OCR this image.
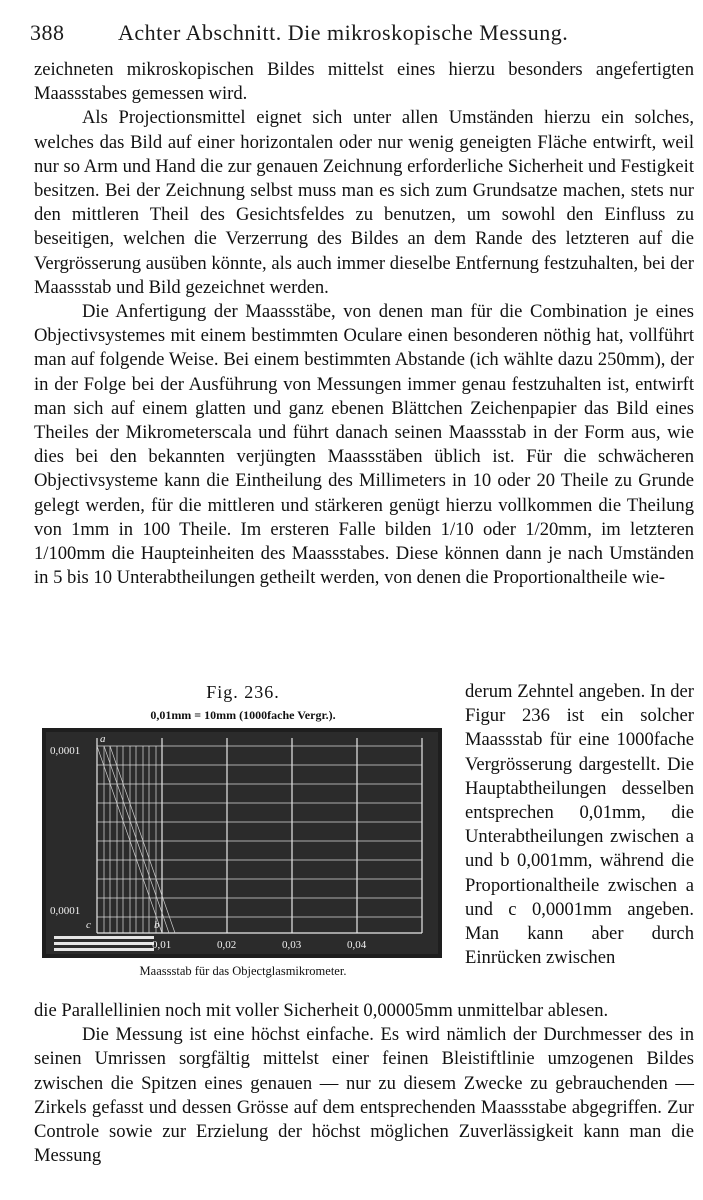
388 Achter Abschnitt. Die mikroskopische Messung.

zeichneten mikroskopischen Bildes mittelst eines hierzu besonders angefertigten Maassstabes gemessen wird.

Als Projectionsmittel eignet sich unter allen Umständen hierzu ein solches, welches das Bild auf einer horizontalen oder nur wenig geneigten Fläche entwirft, weil nur so Arm und Hand die zur genauen Zeichnung erforderliche Sicherheit und Festigkeit besitzen. Bei der Zeichnung selbst muss man es sich zum Grundsatze machen, stets nur den mittleren Theil des Gesichtsfeldes zu benutzen, um sowohl den Einfluss zu beseitigen, welchen die Verzerrung des Bildes an dem Rande des letzteren auf die Vergrösserung ausüben könnte, als auch immer dieselbe Entfernung festzuhalten, bei der Maassstab und Bild gezeichnet werden.

Die Anfertigung der Maassstäbe, von denen man für die Combination je eines Objectivsystemes mit einem bestimmten Oculare einen besonderen nöthig hat, vollführt man auf folgende Weise. Bei einem bestimmten Abstande (ich wählte dazu 250mm), der in der Folge bei der Ausführung von Messungen immer genau festzuhalten ist, entwirft man sich auf einem glatten und ganz ebenen Blättchen Zeichenpapier das Bild eines Theiles der Mikrometerscala und führt danach seinen Maassstab in der Form aus, wie dies bei den bekannten verjüngten Maassstäben üblich ist. Für die schwächeren Objectivsysteme kann die Eintheilung des Millimeters in 10 oder 20 Theile zu Grunde gelegt werden, für die mittleren und stärkeren genügt hierzu vollkommen die Theilung von 1mm in 100 Theile. Im ersteren Falle bilden 1/10 oder 1/20mm, im letzteren 1/100mm die Haupteinheiten des Maassstabes. Diese können dann je nach Umständen in 5 bis 10 Unterabtheilungen getheilt werden, von denen die Proportionaltheile wie-

Fig. 236.
0,01mm = 10mm (1000fache Vergr.).
0,0001
0,0001
0,01	0,02	0,03	0,04
a
b
c
Maassstab für das Objectglasmikrometer.

derum Zehntel angeben. In der Figur 236 ist ein solcher Maassstab für eine 1000fache Vergrösserung dargestellt. Die Hauptabtheilungen desselben entsprechen 0,01mm, die Unterabtheilungen zwischen a und b 0,001mm, während die Proportionaltheile zwischen a und c 0,0001mm angeben. Man kann aber durch Einrücken zwischen

die Parallellinien noch mit voller Sicherheit 0,00005mm unmittelbar ablesen.

Die Messung ist eine höchst einfache. Es wird nämlich der Durchmesser des in seinen Umrissen sorgfältig mittelst einer feinen Bleistiftlinie umzogenen Bildes zwischen die Spitzen eines genauen — nur zu diesem Zwecke zu gebrauchenden — Zirkels gefasst und dessen Grösse auf dem entsprechenden Maassstabe abgegriffen. Zur Controle sowie zur Erzielung der höchst möglichen Zuverlässigkeit kann man die Messung
